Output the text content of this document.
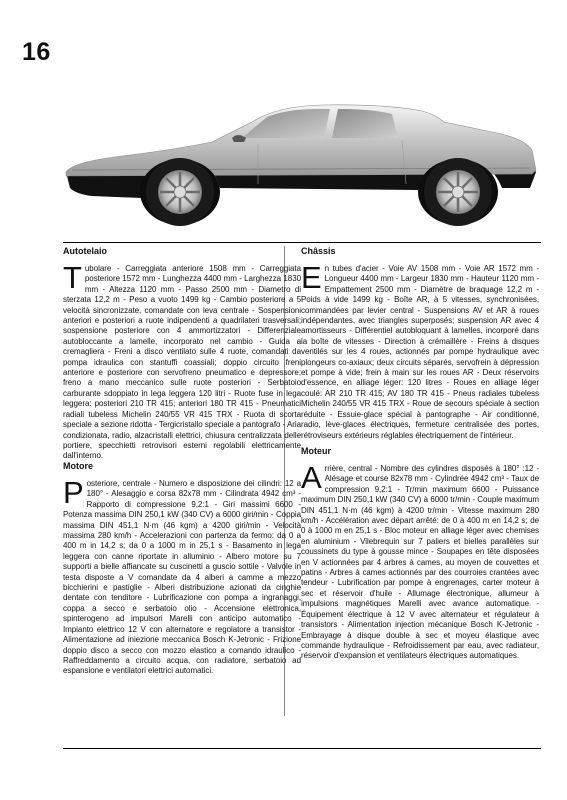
16
Autotelaio

Tubolare - Carreggiata anteriore 1508 mm - Carreggiata posteriore 1572 mm - Lunghezza 4400 mm - Larghezza 1830 mm - Altezza 1120 mm - Passo 2500 mm - Diametro di sterzata 12,2 m - Peso a vuoto 1499 kg - Cambio posteriore a 5 velocità sincronizzate, comandate con leva centrale - Sospensioni anteriori e posteriori a ruote indipendenti a quadrilateri trasversali; sospensione posteriore con 4 ammortizzatori - Differenziale autobloccante a lamelle, incorporato nel cambio - Guida a cremagliera - Freni a disco ventilato sulle 4 ruote, comandati da pompa idraulica con stantuffi coassiali; doppio circuito freni anteriore e posteriore con servofreno pneumatico e depressore; freno a mano meccanico sulle ruote posteriori - Serbatoio carburante sdoppiato in lega leggera 120 litri - Ruote fuse in lega leggera: posteriori 210 TR 415; anteriori 180 TR 415 - Pneumatici radiali tubeless Michelin 240/55 VR 415 TRX - Ruota di scorta speciale a sezione ridotta - Tergicristallo speciale a pantografo - Aria condizionata, radio, alzacristalli elettrici, chiusura centralizzata delle portiere, specchietti retrovisori esterni regolabili elettricamente dall'interno.

Motore

Posteriore, centrale - Numero e disposizione dei cilindri: 12 a 180° - Alesaggio e corsa 82x78 mm - Cilindrata 4942 cm³ - Rapporto di compressione 9,2:1 - Giri massimi 6600 - Potenza massima DIN 250,1 kW (340 CV) a 6000 giri/min - Coppia massima DIN 451,1 N·m (46 kgm) a 4200 giri/min - Velocità massima 280 km/h - Accelerazioni con partenza da fermo: da 0 a 400 m in 14,2 s; da 0 a 1000 m in 25,1 s - Basamento in lega leggera con canne riportate in alluminio - Albero motore su 7 supporti a bielle affiancate su cuscinetti a guscio sottile - Valvole in testa disposte a V comandate da 4 alberi a camme a mezzo bicchierini e pastiglie - Alberi distribuzione azionati da cinghie dentate con tenditore - Lubrificazione con pompa a ingranaggi, coppa a secco e serbatoio olio - Accensione elettronica, spinterogeno ad impulsori Marelli con anticipo automatico - Impianto elettrico 12 V con alternatore e regolatore a transistor - Alimentazione ad iniezione meccanica Bosch K-Jetronic - Frizione doppio disco a secco con mozzo elastico a comando idraulico - Raffreddamento a circuito acqua, con radiatore, serbatoio ad espansione e ventilatori elettrici automatici.

Châssis

En tubes d'acier - Voie AV 1508 mm - Voie AR 1572 mm - Longueur 4400 mm - Largeur 1830 mm - Hauteur 1120 mm - Empattement 2500 mm - Diamètre de braquage 12,2 m - Poids à vide 1499 kg - Boîte AR, à 5 vitesses, synchronisées, commandées par levier central - Suspensions AV et AR à roues indépendantes, avec triangles superposés; suspension AR avec 4 amortisseurs - Différentiel autobloquant à lamelles, incorporé dans la boîte de vitesses - Direction à crémaillère - Freins à disques ventilés sur les 4 roues, actionnés par pompe hydraulique avec plongeurs co-axiaux; deux circuits séparés, servofrein à dépression et pompe à vide; frein à main sur les roues AR - Deux réservoirs d'essence, en alliage léger: 120 litres - Roues en alliage léger coulé: AR 210 TR 415; AV 180 TR 415 - Pneus radiales tubeless Michelin 240/55 VR 415 TRX - Roue de secours spéciale à section réduite - Essuie-glace spécial à pantographe - Air conditionné, radio, lève-glaces électriques, fermeture centralisée des portes, rétroviseurs extérieurs réglables électriquement de l'intérieur.

Moteur

Arrière, central - Nombre des cylindres disposés à 180° :12 - Alésage et course 82x78 mm - Cylindrée 4942 cm³ - Taux de compression 9,2:1 - Tr/min maximum 6600 - Puissance maximum DIN 250,1 kW (340 CV) à 6000 tr/min - Couple maximum DIN 451,1 N·m (46 kgm) à 4200 tr/min - Vitesse maximum 280 km/h - Accélération avec départ arrêté: de 0 à 400 m en 14,2 s; de 0 à 1000 m en 25,1 s - Bloc moteur en alliage léger avec chemises en aluminium - Vilebrequin sur 7 paliers et bielles parallèles sur coussinets du type à gousse mince - Soupapes en tête disposées en V actionnées par 4 arbres à cames, au moyen de couvettes et patins - Arbres à cames actionnés par des courroies crantées avec tendeur - Lubrification par pompe à engrenages, carter moteur à sec et réservoir d'huile - Allumage électronique, allumeur à impulsions magnétiques Marelli avec avance automatique - Équipement électrique à 12 V avec alternateur et régulateur à transistors - Alimentation injection mécanique Bosch K-Jetronic - Embrayage à disque double à sec et moyeu élastique avec commande hydraulique - Refroidissement par eau, avec radiateur, réservoir d'expansion et ventilateurs électriques automatiques.
